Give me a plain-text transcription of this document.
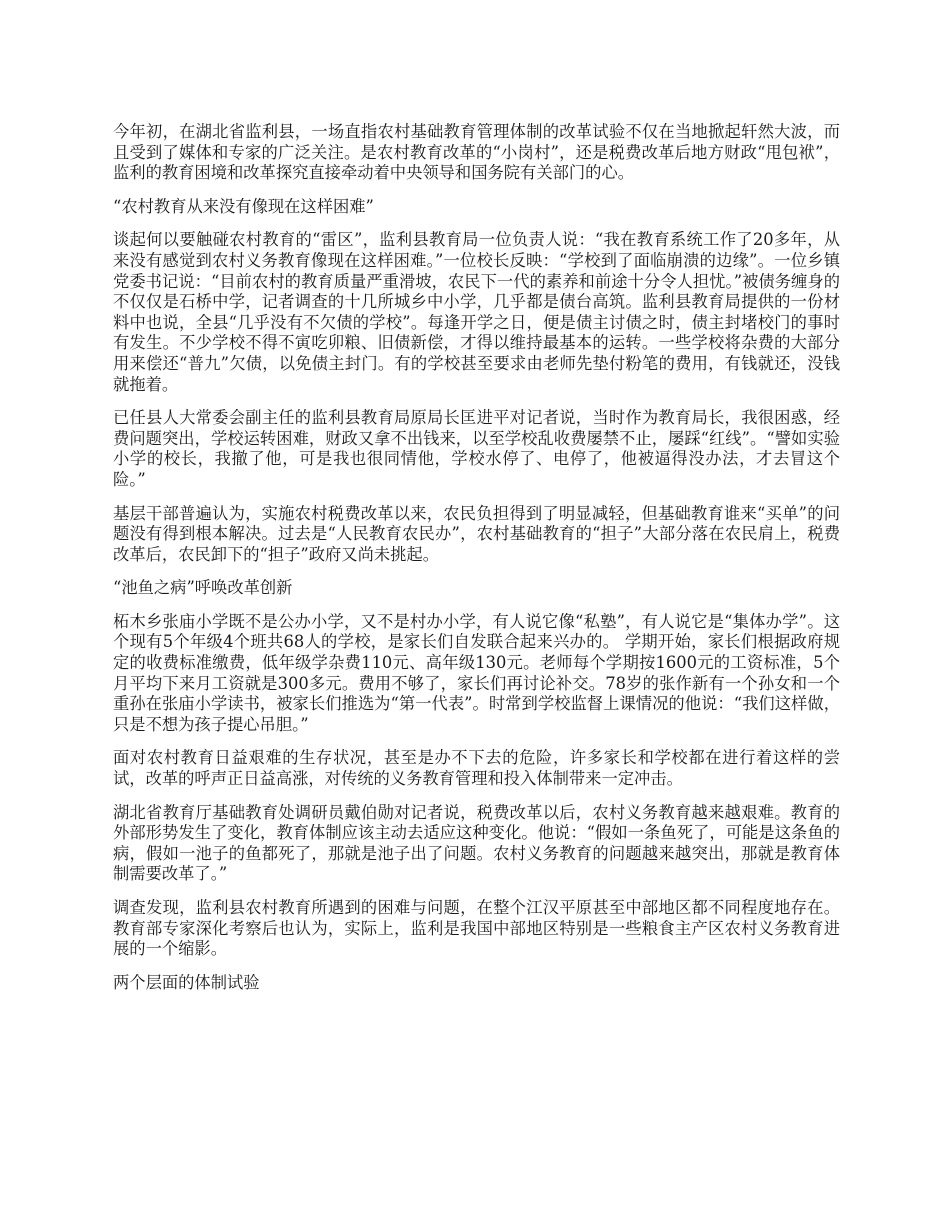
今年初，在湖北省监利县，一场直指农村基础教育管理体制的改革试验不仅在当地掀起轩然大波，而且受到了媒体和专家的广泛关注。是农村教育改革的“小岗村”，还是税费改革后地方财政“甩包袱”，监利的教育困境和改革探究直接牵动着中央领导和国务院有关部门的心。

“农村教育从来没有像现在这样困难”

谈起何以要触碰农村教育的“雷区”，监利县教育局一位负责人说：“我在教育系统工作了20多年，从来没有感觉到农村义务教育像现在这样困难。”一位校长反映：“学校到了面临崩溃的边缘”。一位乡镇党委书记说：“目前农村的教育质量严重滑坡，农民下一代的素养和前途十分令人担忧。”被债务缠身的不仅仅是石桥中学，记者调查的十几所城乡中小学，几乎都是债台高筑。监利县教育局提供的一份材料中也说，全县“几乎没有不欠债的学校”。每逢开学之日，便是债主讨债之时，债主封堵校门的事时有发生。不少学校不得不寅吃卯粮、旧债新偿，才得以维持最基本的运转。一些学校将杂费的大部分用来偿还“普九”欠债，以免债主封门。有的学校甚至要求由老师先垫付粉笔的费用，有钱就还，没钱就拖着。

已任县人大常委会副主任的监利县教育局原局长匡进平对记者说，当时作为教育局长，我很困惑，经费问题突出，学校运转困难，财政又拿不出钱来，以至学校乱收费屡禁不止，屡踩“红线”。“譬如实验小学的校长，我撤了他，可是我也很同情他，学校水停了、电停了，他被逼得没办法，才去冒这个险。”

基层干部普遍认为，实施农村税费改革以来，农民负担得到了明显减轻，但基础教育谁来“买单”的问题没有得到根本解决。过去是“人民教育农民办”，农村基础教育的“担子”大部分落在农民肩上，税费改革后，农民卸下的“担子”政府又尚未挑起。

“池鱼之病”呼唤改革创新

柘木乡张庙小学既不是公办小学，又不是村办小学，有人说它像“私塾”，有人说它是“集体办学”。这个现有5个年级4个班共68人的学校，是家长们自发联合起来兴办的。 学期开始，家长们根据政府规定的收费标准缴费，低年级学杂费110元、高年级130元。老师每个学期按1600元的工资标准，5个月平均下来月工资就是300多元。费用不够了，家长们再讨论补交。78岁的张作新有一个孙女和一个重孙在张庙小学读书，被家长们推选为“第一代表”。时常到学校监督上课情况的他说：“我们这样做，只是不想为孩子提心吊胆。”

面对农村教育日益艰难的生存状况，甚至是办不下去的危险，许多家长和学校都在进行着这样的尝试，改革的呼声正日益高涨，对传统的义务教育管理和投入体制带来一定冲击。

湖北省教育厅基础教育处调研员戴伯勋对记者说，税费改革以后，农村义务教育越来越艰难。教育的外部形势发生了变化，教育体制应该主动去适应这种变化。他说：“假如一条鱼死了，可能是这条鱼的病，假如一池子的鱼都死了，那就是池子出了问题。农村义务教育的问题越来越突出，那就是教育体制需要改革了。”

调查发现，监利县农村教育所遇到的困难与问题，在整个江汉平原甚至中部地区都不同程度地存在。教育部专家深化考察后也认为，实际上，监利是我国中部地区特别是一些粮食主产区农村义务教育进展的一个缩影。

两个层面的体制试验
